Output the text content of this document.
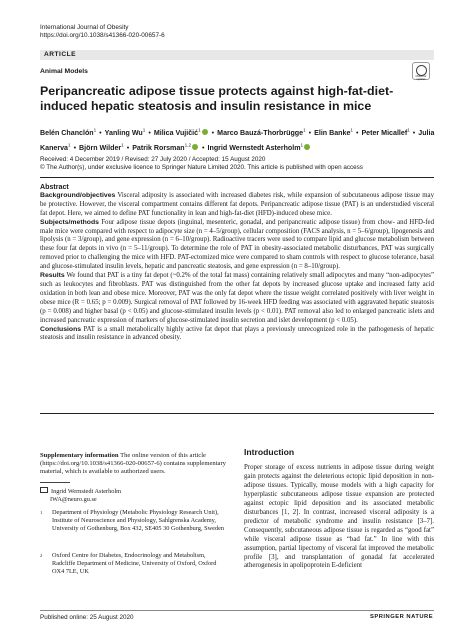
International Journal of Obesity
https://doi.org/10.1038/s41366-020-00657-6
ARTICLE
Animal Models
Check for updates
Peripancreatic adipose tissue protects against high-fat-diet-induced hepatic steatosis and insulin resistance in mice
Belén Chanclón$^1$ • Yanling Wu$^1$ • Milica Vujičić$^1$ • Marco Bauzá-Thorbrügge$^1$ • Elin Banke$^1$ • Peter Micallef$^1$ • Julia Kanerva$^1$ • Björn Wilder$^1$ • Patrik Rorsman$^{1,2}$ • Ingrid Wernstedt Asterholm$^1$
Received: 4 December 2019 / Revised: 27 July 2020 / Accepted: 15 August 2020
© The Author(s), under exclusive licence to Springer Nature Limited 2020. This article is published with open access
Abstract

Background/objectives Visceral adiposity is associated with increased diabetes risk, while expansion of subcutaneous adipose tissue may be protective. However, the visceral compartment contains different fat depots. Peripancreatic adipose tissue (PAT) is an understudied visceral fat depot. Here, we aimed to define PAT functionality in lean and high-fat-diet (HFD)-induced obese mice.

Subjects/methods Four adipose tissue depots (inguinal, mesenteric, gonadal, and peripancreatic adipose tissue) from chow- and HFD-fed male mice were compared with respect to adipocyte size (n = 4–5/group), cellular composition (FACS analysis, n = 5–6/group), lipogenesis and lipolysis (n = 3/group), and gene expression (n = 6–10/group). Radioactive tracers were used to compare lipid and glucose metabolism between these four fat depots in vivo (n = 5–11/group). To determine the role of PAT in obesity-associated metabolic disturbances, PAT was surgically removed prior to challenging the mice with HFD. PAT-ectomized mice were compared to sham controls with respect to glucose tolerance, basal and glucose-stimulated insulin levels, hepatic and pancreatic steatosis, and gene expression (n = 8–10/group).

Results We found that PAT is a tiny fat depot (~0.2% of the total fat mass) containing relatively small adipocytes and many “non-adipocytes” such as leukocytes and fibroblasts. PAT was distinguished from the other fat depots by increased glucose uptake and increased fatty acid oxidation in both lean and obese mice. Moreover, PAT was the only fat depot where the tissue weight correlated positively with liver weight in obese mice (R = 0.65; p = 0.009). Surgical removal of PAT followed by 16-week HFD feeding was associated with aggravated hepatic steatosis (p = 0.008) and higher basal (p < 0.05) and glucose-stimulated insulin levels (p < 0.01). PAT removal also led to enlarged pancreatic islets and increased pancreatic expression of markers of glucose-stimulated insulin secretion and islet development (p < 0.05).

Conclusions PAT is a small metabolically highly active fat depot that plays a previously unrecognized role in the pathogenesis of hepatic steatosis and insulin resistance in advanced obesity.

Supplementary information The online version of this article (https://doi.org/10.1038/s41366-020-00657-6) contains supplementary material, which is available to authorized users.
Ingrid Wernstedt Asterholm
IWA@neuro.gu.se
1 Department of Physiology (Metabolic Physiology Research Unit), Institute of Neuroscience and Physiology, Sahlgrenska Academy, University of Gothenburg, Box 432, SE405 30 Gothenburg, Sweden
2 Oxford Centre for Diabetes, Endocrinology and Metabolism, Radcliffe Department of Medicine, University of Oxford, Oxford OX4 7LE, UK
Introduction
Proper storage of excess nutrients in adipose tissue during weight gain protects against the deleterious ectopic lipid deposition in non-adipose tissues. Typically, mouse models with a high capacity for hyperplastic subcutaneous adipose tissue expansion are protected against ectopic lipid deposition and its associated metabolic disturbances [1, 2]. In contrast, increased visceral adiposity is a predictor of metabolic syndrome and insulin resistance [3–7]. Consequently, subcutaneous adipose tissue is regarded as “good fat” while visceral adipose tissue as “bad fat.” In line with this assumption, partial lipectomy of visceral fat improved the metabolic profile [3], and transplantation of gonadal fat accelerated atherogenesis in apolipoprotein E-deficient
Published online: 25 August 2020	SPRINGER NATURE
